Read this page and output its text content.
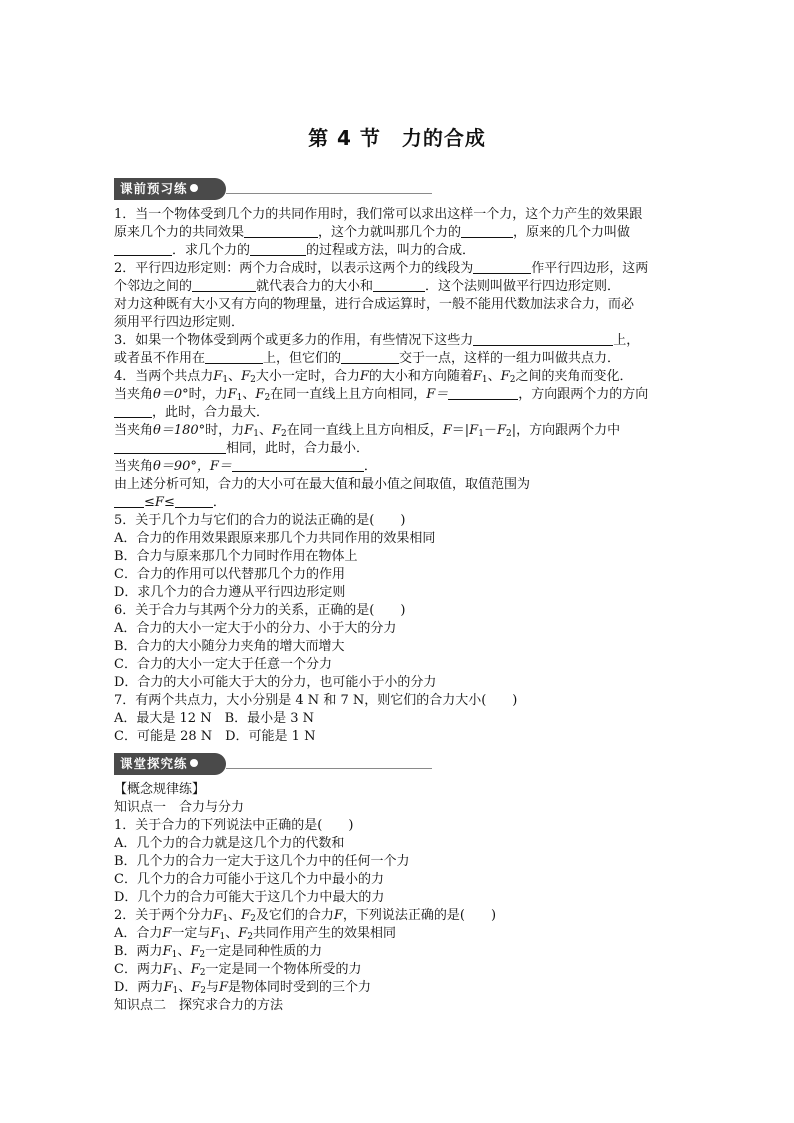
第 4 节　力的合成
课前预习练
1．当一个物体受到几个力的共同作用时，我们常可以求出这样一个力，这个力产生的效果跟
原来几个力的共同效果	，这个力就叫那几个力的	，原来的几个力叫做
．求几个力的	的过程或方法，叫力的合成．
2．平行四边形定则：两个力合成时，以表示这两个力的线段为	作平行四边形，这两
个邻边之间的	就代表合力的大小和	．这个法则叫做平行四边形定则．
对力这种既有大小又有方向的物理量，进行合成运算时，一般不能用代数加法求合力，而必
须用平行四边形定则．
3．如果一个物体受到两个或更多力的作用，有些情况下这些力	上，
或者虽不作用在	上，但它们的	交于一点，这样的一组力叫做共点力．
4．当两个共点力$F_1$、$F_2$大小一定时，合力F的大小和方向随着$F_1$、$F_2$之间的夹角而变化．
当夹角θ＝0°时，力$F_1$、$F_2$在同一直线上且方向相同，F＝	，方向跟两个力的方向
，此时，合力最大．
当夹角θ＝180°时，力$F_1$、$F_2$在同一直线上且方向相反，$F=|F_1-F_2|$，方向跟两个力中
相同，此时，合力最小．
当夹角θ＝90°，F＝	．
由上述分析可知，合力的大小可在最大值和最小值之间取值，取值范围为
≤F≤	．
5．关于几个力与它们的合力的说法正确的是(　　)
A．合力的作用效果跟原来那几个力共同作用的效果相同
B．合力与原来那几个力同时作用在物体上
C．合力的作用可以代替那几个力的作用
D．求几个力的合力遵从平行四边形定则
6．关于合力与其两个分力的关系，正确的是(　　)
A．合力的大小一定大于小的分力、小于大的分力
B．合力的大小随分力夹角的增大而增大
C．合力的大小一定大于任意一个分力
D．合力的大小可能大于大的分力，也可能小于小的分力
7．有两个共点力，大小分别是 4 N 和 7 N，则它们的合力大小(　　)
A．最大是 12 N　B．最小是 3 N
C．可能是 28 N　D．可能是 1 N
课堂探究练
【概念规律练】
知识点一　合力与分力
1．关于合力的下列说法中正确的是(　　)
A．几个力的合力就是这几个力的代数和
B．几个力的合力一定大于这几个力中的任何一个力
C．几个力的合力可能小于这几个力中最小的力
D．几个力的合力可能大于这几个力中最大的力
2．关于两个分力$F_1$、$F_2$及它们的合力F，下列说法正确的是(　　)
A．合力F一定与$F_1$、$F_2$共同作用产生的效果相同
B．两力$F_1$、$F_2$一定是同种性质的力
C．两力$F_1$、$F_2$一定是同一个物体所受的力
D．两力$F_1$、$F_2$与F是物体同时受到的三个力
知识点二　探究求合力的方法
